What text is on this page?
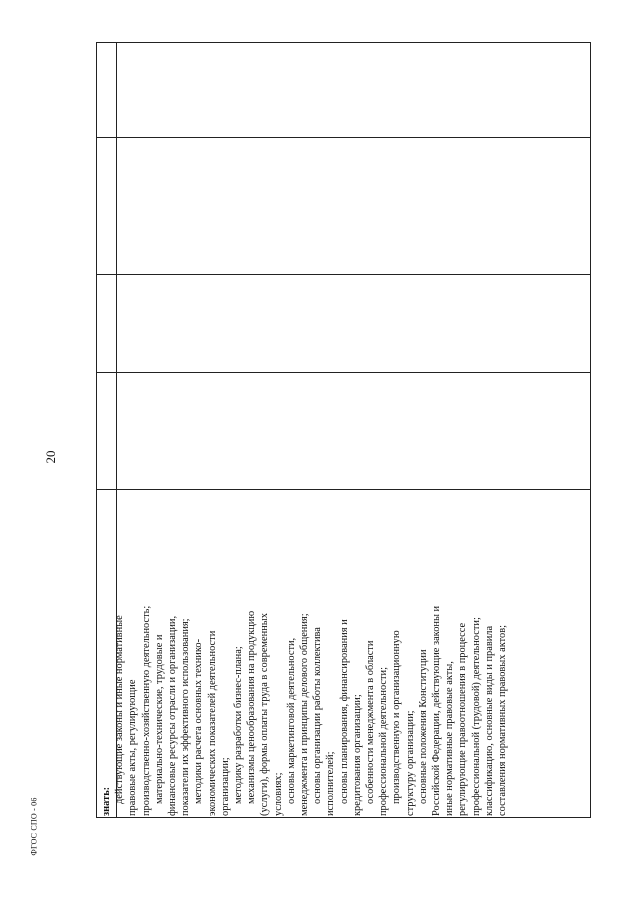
20
ФГОС СПО - 06	знать: действующие законы и иные нормативные правовые акты, регулирующие производственно-хозяйственную деятельность; материально-технические, трудовые и финансовые ресурсы отрасли и организации, показатели их эффективного использования; методики расчета основных технико- экономических показателей деятельности организации; методику разработки бизнес-плана; механизмы ценообразования на продукцию (услуги), формы оплаты труда в современных условиях; основы маркетинговой деятельности, менеджмента и принципы делового общения; основы организации работы коллектива исполнителей; основы планирования, финансирования и кредитования организации; особенности менеджмента в области профессиональной деятельности; производственную и организационную структуру организации; основные положения Конституции Российской Федерации, действующие законы и иные нормативные правовые акты, регулирующие правоотношения в процессе профессиональной (трудовой) деятельности; классификацию, основные виды и правила составления нормативных правовых актов;
